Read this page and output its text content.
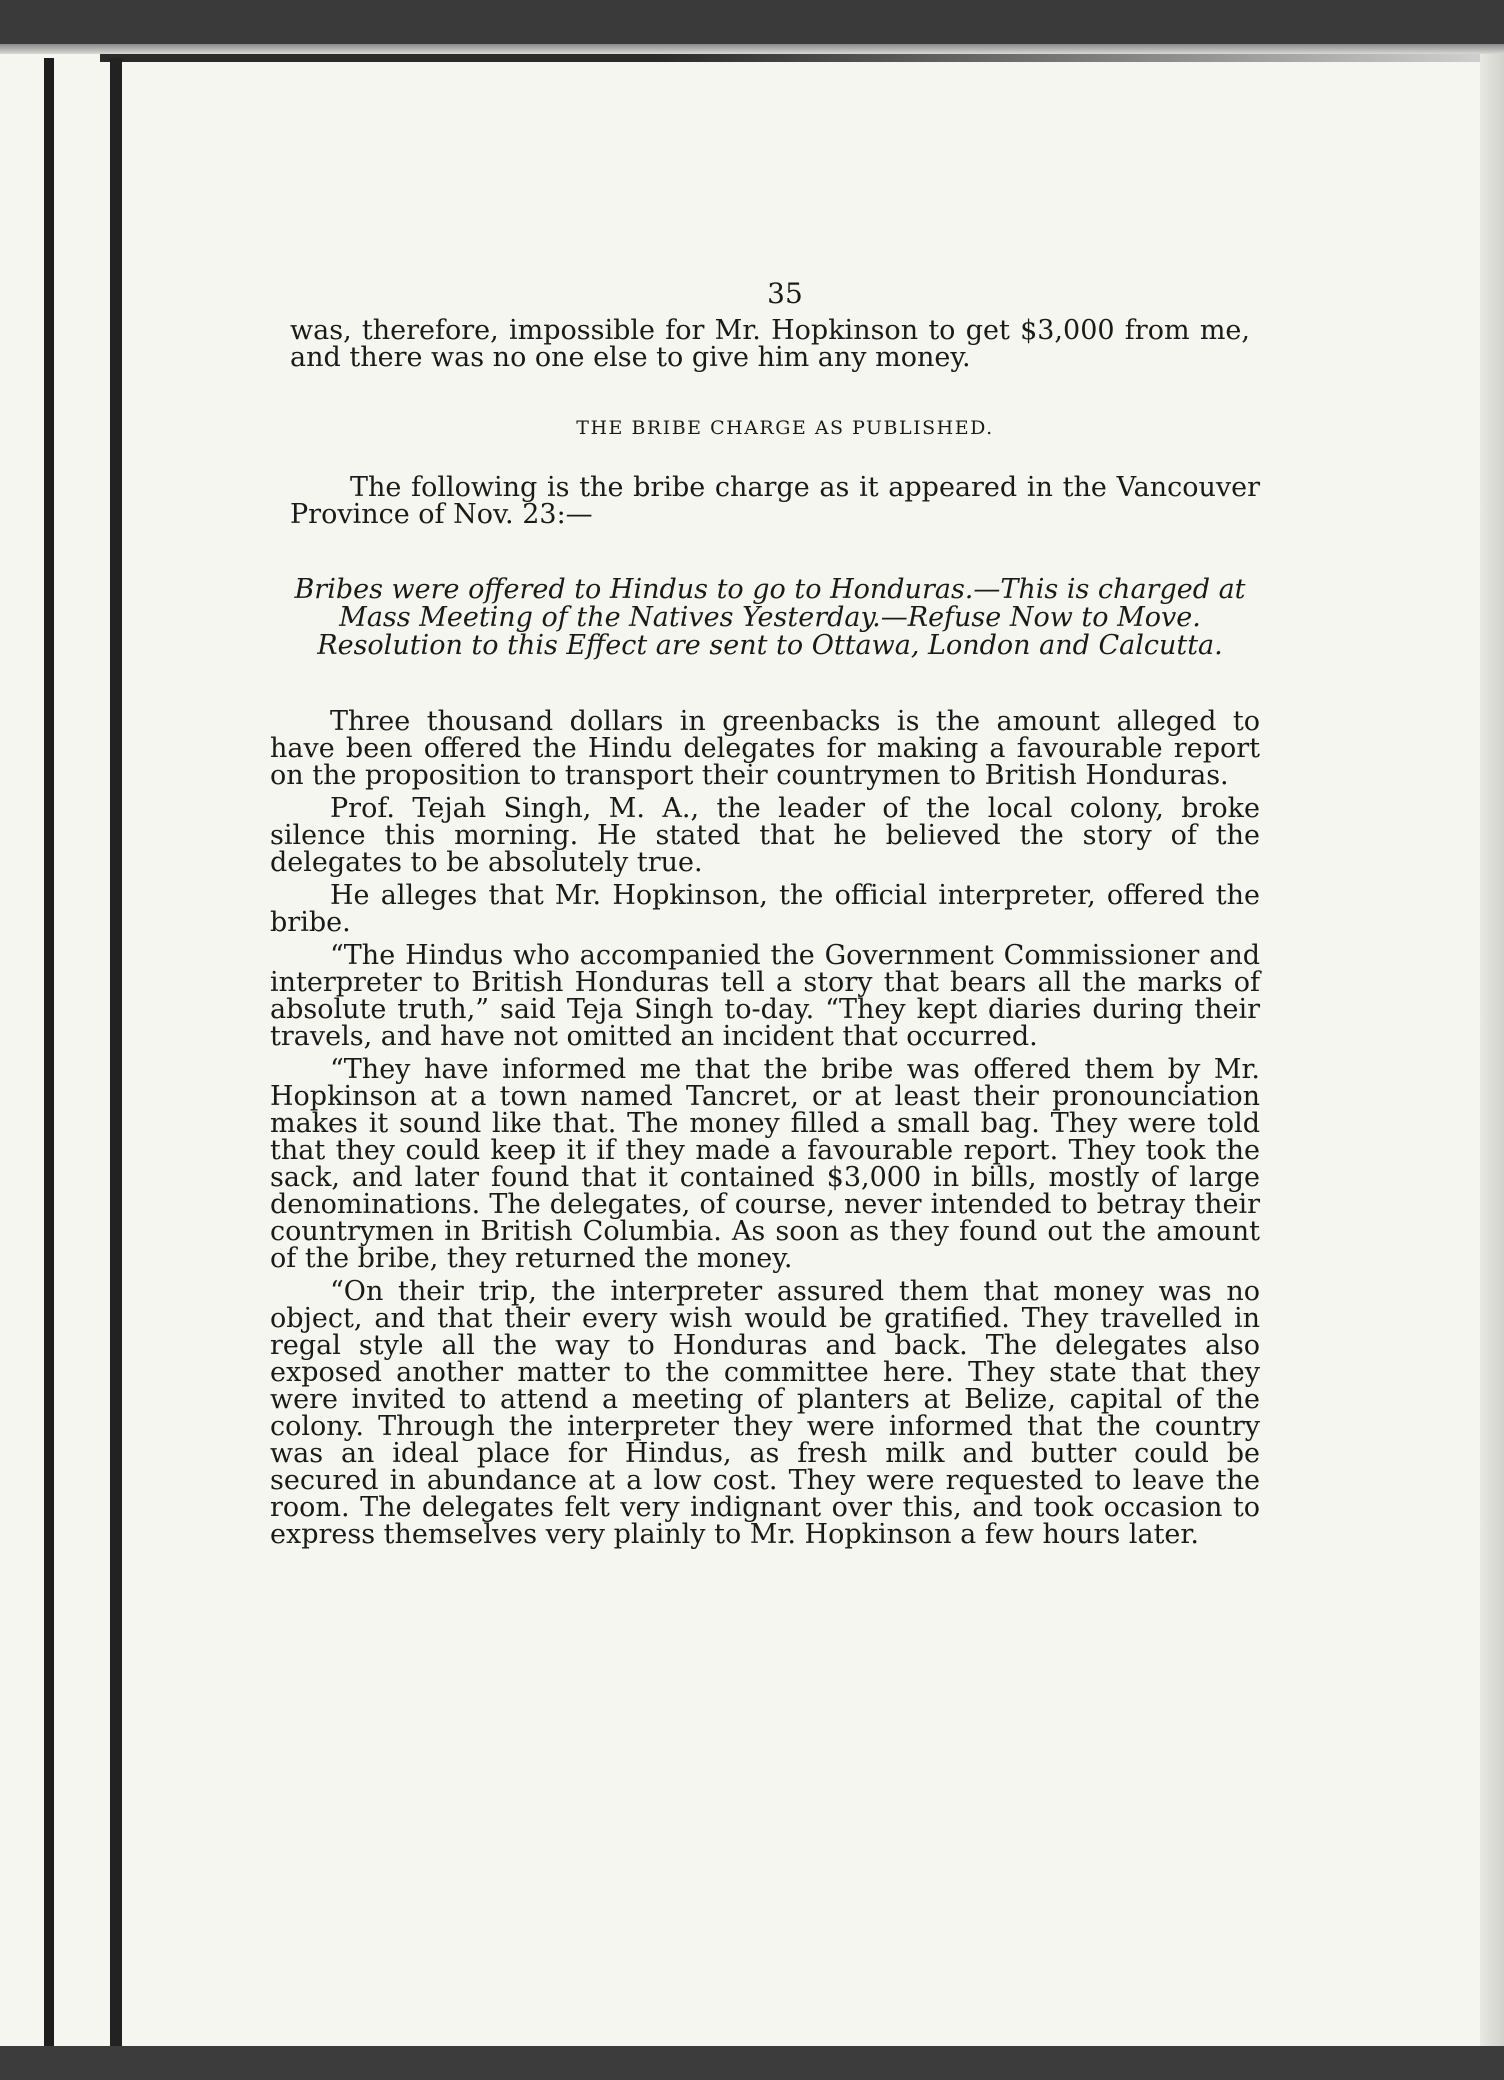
35

was, therefore, impossible for Mr. Hopkinson to get $3,000 from me, and there was no one else to give him any money.

THE BRIBE CHARGE AS PUBLISHED.

The following is the bribe charge as it appeared in the Vancouver Province of Nov. 23:—

Bribes were offered to Hindus to go to Honduras.—This is charged at Mass Meeting of the Natives Yesterday.—Refuse Now to Move. Resolution to this Effect are sent to Ottawa, London and Calcutta.

Three thousand dollars in greenbacks is the amount alleged to have been offered the Hindu delegates for making a favourable report on the proposition to transport their countrymen to British Honduras.

Prof. Tejah Singh, M. A., the leader of the local colony, broke silence this morning. He stated that he believed the story of the delegates to be absolutely true.

He alleges that Mr. Hopkinson, the official interpreter, offered the bribe.

“The Hindus who accompanied the Government Commissioner and interpreter to British Honduras tell a story that bears all the marks of absolute truth,” said Teja Singh to-day. “They kept diaries during their travels, and have not omitted an incident that occurred.

“They have informed me that the bribe was offered them by Mr. Hopkinson at a town named Tancret, or at least their pronounciation makes it sound like that. The money filled a small bag. They were told that they could keep it if they made a favourable report. They took the sack, and later found that it contained $3,000 in bills, mostly of large denominations. The delegates, of course, never intended to betray their countrymen in British Columbia. As soon as they found out the amount of the bribe, they returned the money.

“On their trip, the interpreter assured them that money was no object, and that their every wish would be gratified. They travelled in regal style all the way to Honduras and back. The delegates also exposed another matter to the committee here. They state that they were invited to attend a meeting of planters at Belize, capital of the colony. Through the interpreter they were informed that the country was an ideal place for Hindus, as fresh milk and butter could be secured in abundance at a low cost. They were requested to leave the room. The delegates felt very indignant over this, and took occasion to express themselves very plainly to Mr. Hopkinson a few hours later.
